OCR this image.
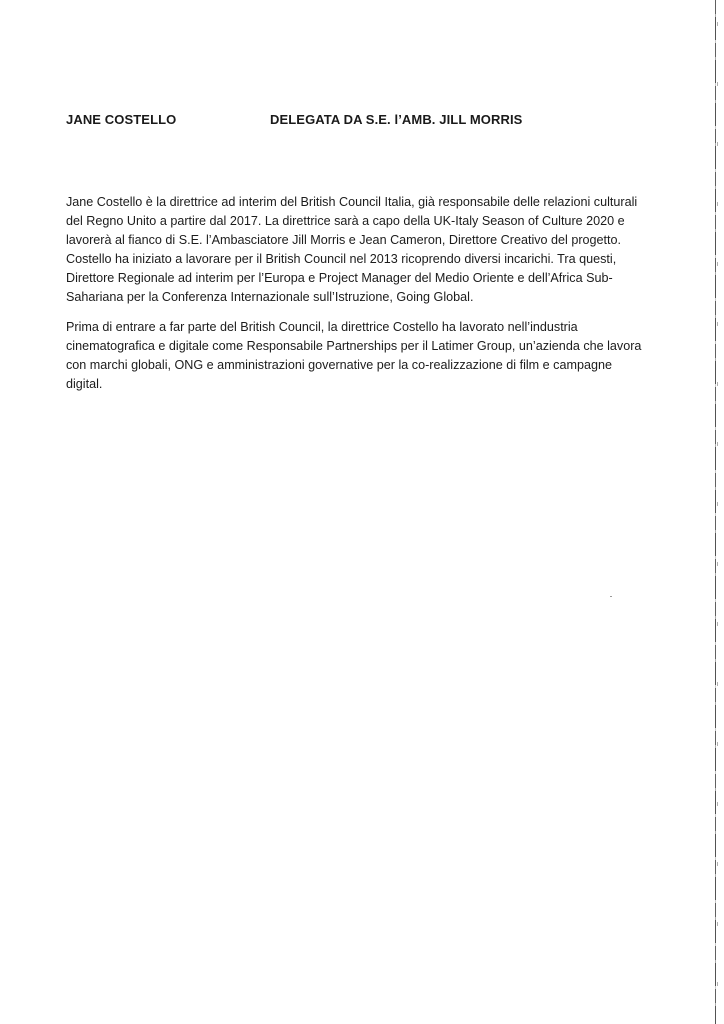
JANE COSTELLO	DELEGATA DA S.E. l’AMB. JILL MORRIS

Jane Costello è la direttrice ad interim del British Council Italia, già responsabile delle relazioni culturali del Regno Unito a partire dal 2017. La direttrice sarà a capo della UK-Italy Season of Culture 2020 e lavorerà al fianco di S.E. l’Ambasciatore Jill Morris e Jean Cameron, Direttore Creativo del progetto. Costello ha iniziato a lavorare per il British Council nel 2013 ricoprendo diversi incarichi. Tra questi, Direttore Regionale ad interim per l’Europa e Project Manager del Medio Oriente e dell’Africa Sub-Sahariana per la Conferenza Internazionale sull’Istruzione, Going Global.

Prima di entrare a far parte del British Council, la direttrice Costello ha lavorato nell’industria cinematografica e digitale come Responsabile Partnerships per il Latimer Group, un’azienda che lavora con marchi globali, ONG e amministrazioni governative per la co-realizzazione di film e campagne digital.
